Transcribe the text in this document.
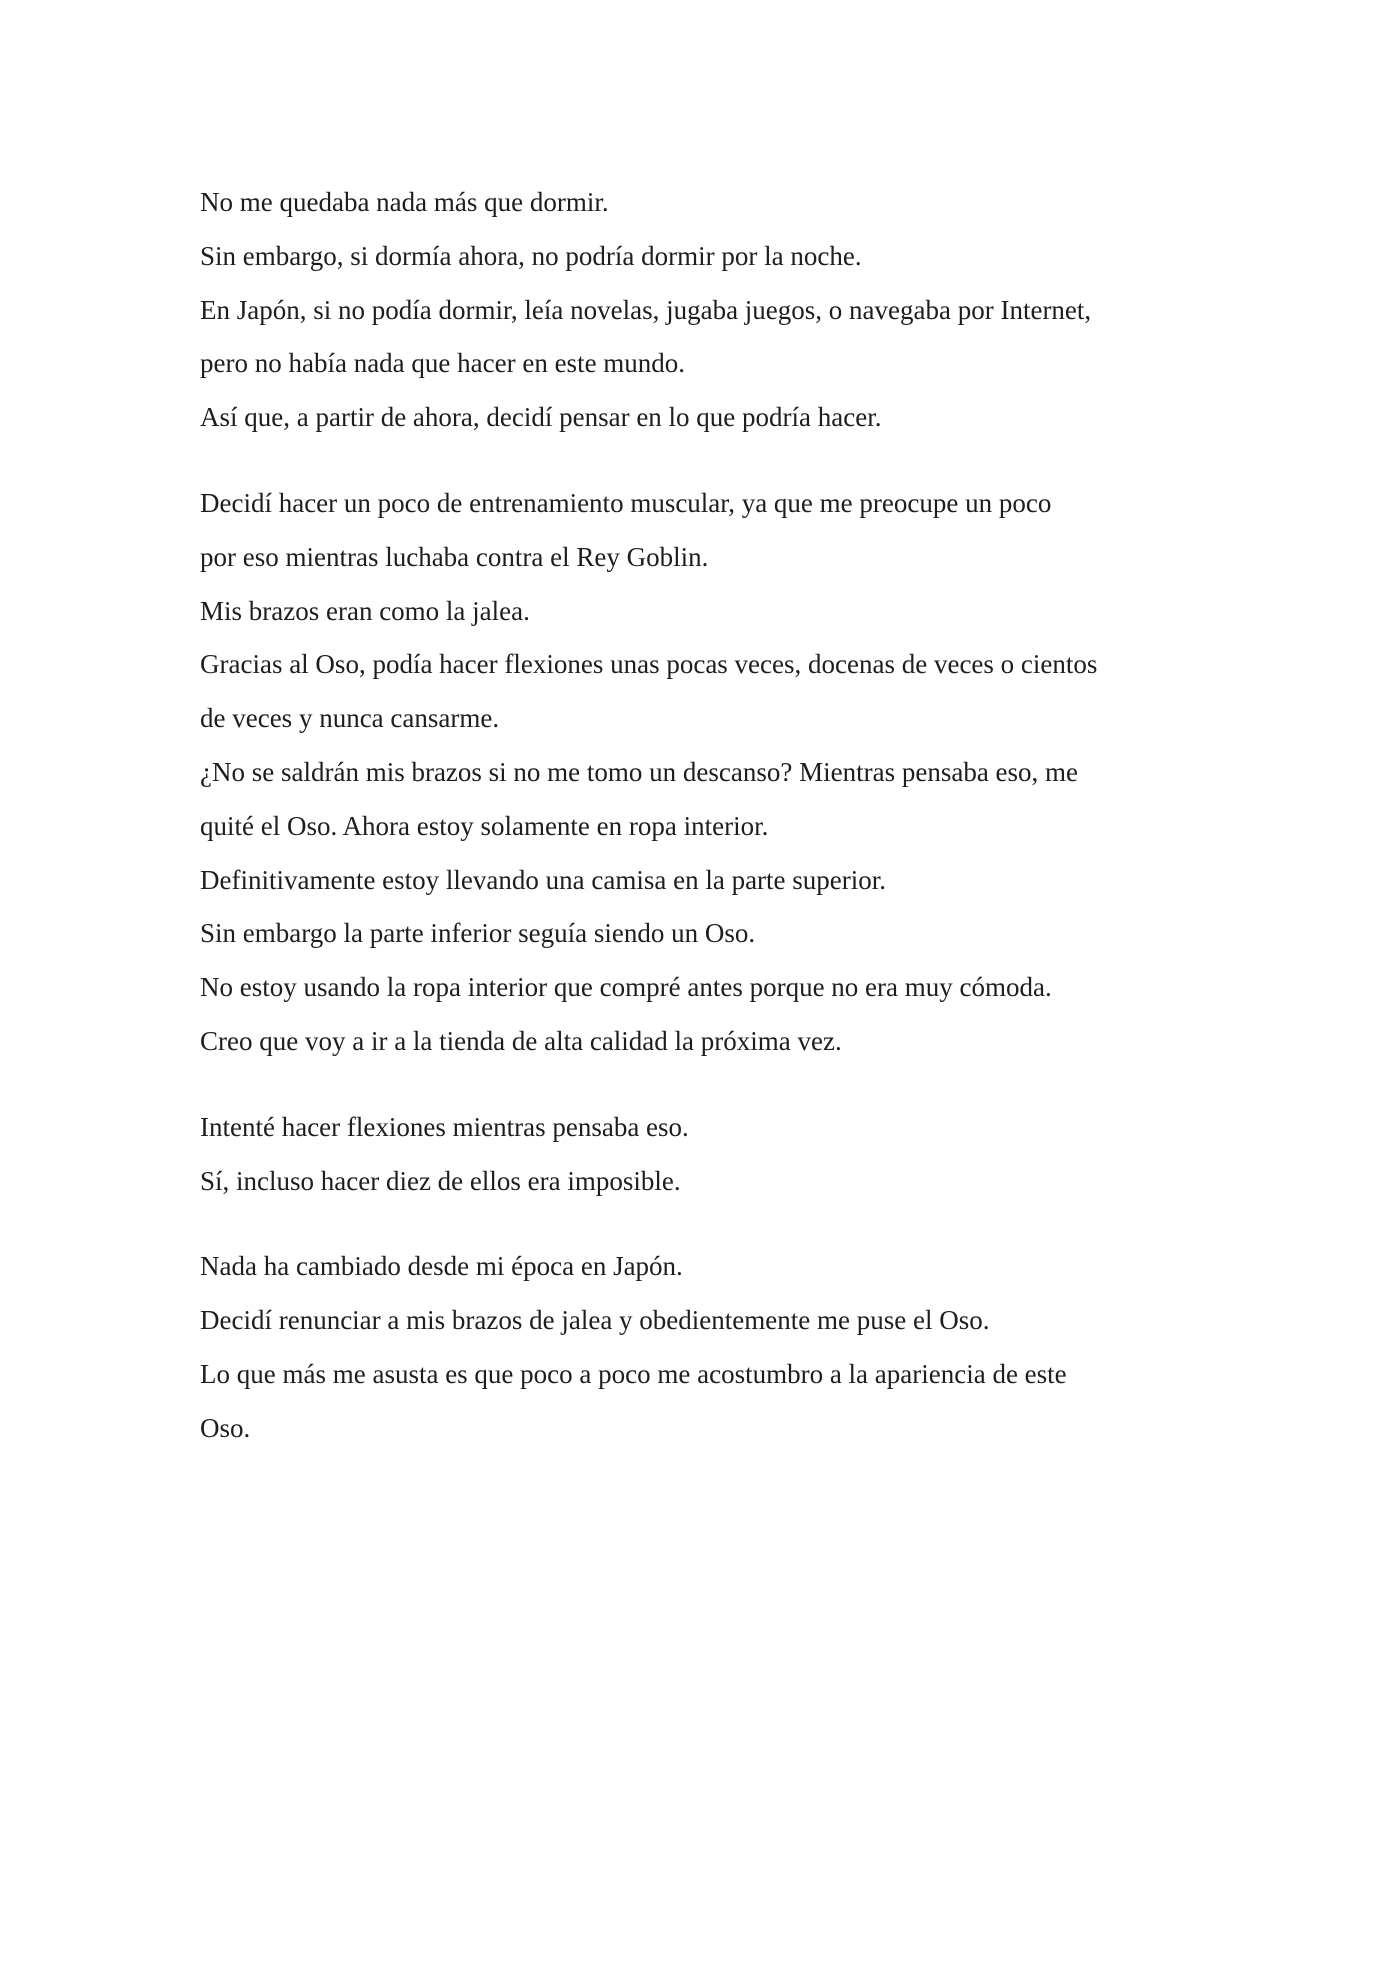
No me quedaba nada más que dormir.
Sin embargo, si dormía ahora, no podría dormir por la noche.
En Japón, si no podía dormir, leía novelas, jugaba juegos, o navegaba por Internet,
pero no había nada que hacer en este mundo.
Así que, a partir de ahora, decidí pensar en lo que podría hacer.

Decidí hacer un poco de entrenamiento muscular, ya que me preocupe un poco
por eso mientras luchaba contra el Rey Goblin.
Mis brazos eran como la jalea.
Gracias al Oso, podía hacer flexiones unas pocas veces, docenas de veces o cientos
de veces y nunca cansarme.
¿No se saldrán mis brazos si no me tomo un descanso? Mientras pensaba eso, me
quité el Oso. Ahora estoy solamente en ropa interior.
Definitivamente estoy llevando una camisa en la parte superior.
Sin embargo la parte inferior seguía siendo un Oso.
No estoy usando la ropa interior que compré antes porque no era muy cómoda.
Creo que voy a ir a la tienda de alta calidad la próxima vez.

Intenté hacer flexiones mientras pensaba eso.
Sí, incluso hacer diez de ellos era imposible.

Nada ha cambiado desde mi época en Japón.
Decidí renunciar a mis brazos de jalea y obedientemente me puse el Oso.
Lo que más me asusta es que poco a poco me acostumbro a la apariencia de este
Oso.
